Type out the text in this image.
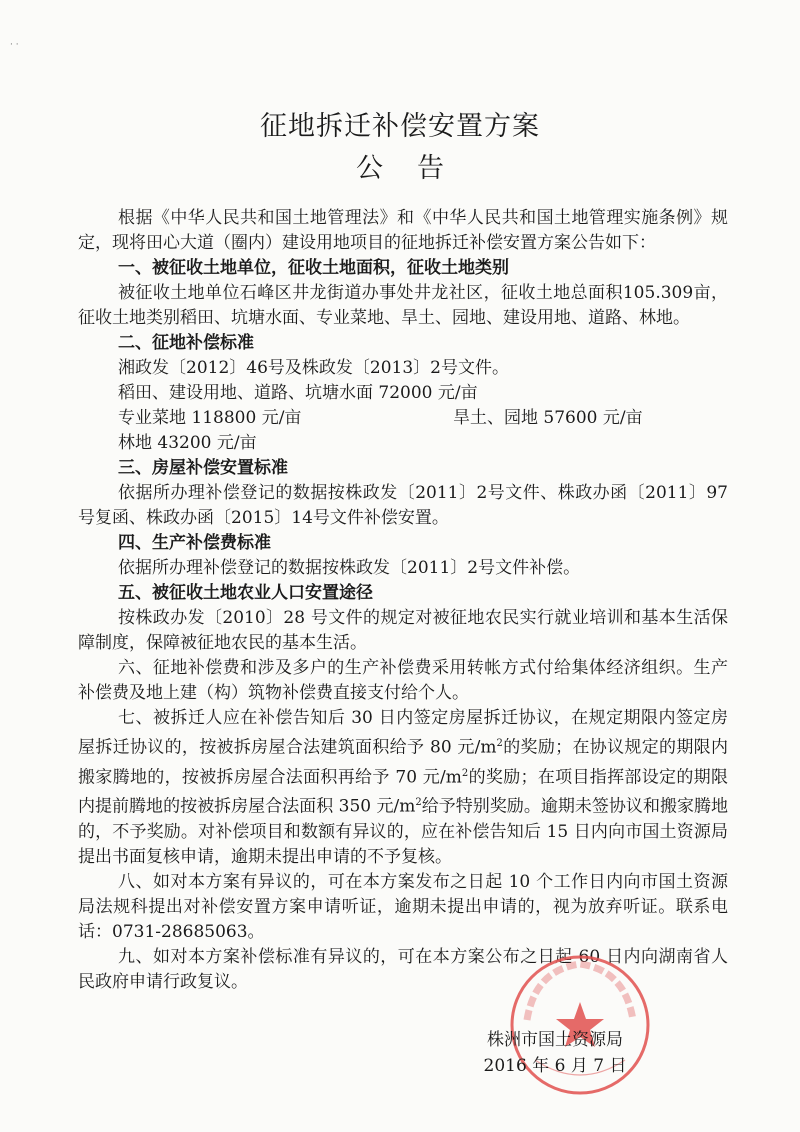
· ·
征地拆迁补偿安置方案
公告

根据《中华人民共和国土地管理法》和《中华人民共和国土地管理实施条例》规定，现将田心大道（圈内）建设用地项目的征地拆迁补偿安置方案公告如下：

一、被征收土地单位，征收土地面积，征收土地类别

被征收土地单位石峰区井龙街道办事处井龙社区，征收土地总面积105.309亩，征收土地类别稻田、坑塘水面、专业菜地、旱土、园地、建设用地、道路、林地。

二、征地补偿标准

湘政发〔2012〕46号及株政发〔2013〕2号文件。

稻田、建设用地、道路、坑塘水面 72000 元/亩

专业菜地 118800 元/亩	旱土、园地 57600 元/亩

林地 43200 元/亩

三、房屋补偿安置标准

依据所办理补偿登记的数据按株政发〔2011〕2号文件、株政办函〔2011〕97号复函、株政办函〔2015〕14号文件补偿安置。

四、生产补偿费标准

依据所办理补偿登记的数据按株政发〔2011〕2号文件补偿。

五、被征收土地农业人口安置途径

按株政办发〔2010〕28 号文件的规定对被征地农民实行就业培训和基本生活保障制度，保障被征地农民的基本生活。

六、征地补偿费和涉及多户的生产补偿费采用转帐方式付给集体经济组织。生产补偿费及地上建（构）筑物补偿费直接支付给个人。

七、被拆迁人应在补偿告知后 30 日内签定房屋拆迁协议，在规定期限内签定房屋拆迁协议的，按被拆房屋合法建筑面积给予 80 元$/m^2$的奖励；在协议规定的期限内搬家腾地的，按被拆房屋合法面积再给予 70 元$/m^2$的奖励；在项目指挥部设定的期限内提前腾地的按被拆房屋合法面积 350 元$/m^2$给予特别奖励。逾期未签协议和搬家腾地的，不予奖励。对补偿项目和数额有异议的，应在补偿告知后 15 日内向市国土资源局提出书面复核申请，逾期未提出申请的不予复核。

八、如对本方案有异议的，可在本方案发布之日起 10 个工作日内向市国土资源局法规科提出对补偿安置方案申请听证，逾期未提出申请的，视为放弃听证。联系电话：0731-28685063。

九、如对本方案补偿标准有异议的，可在本方案公布之日起 60 日内向湖南省人民政府申请行政复议。

株洲市国土资源局
2016 年 6 月 7 日
